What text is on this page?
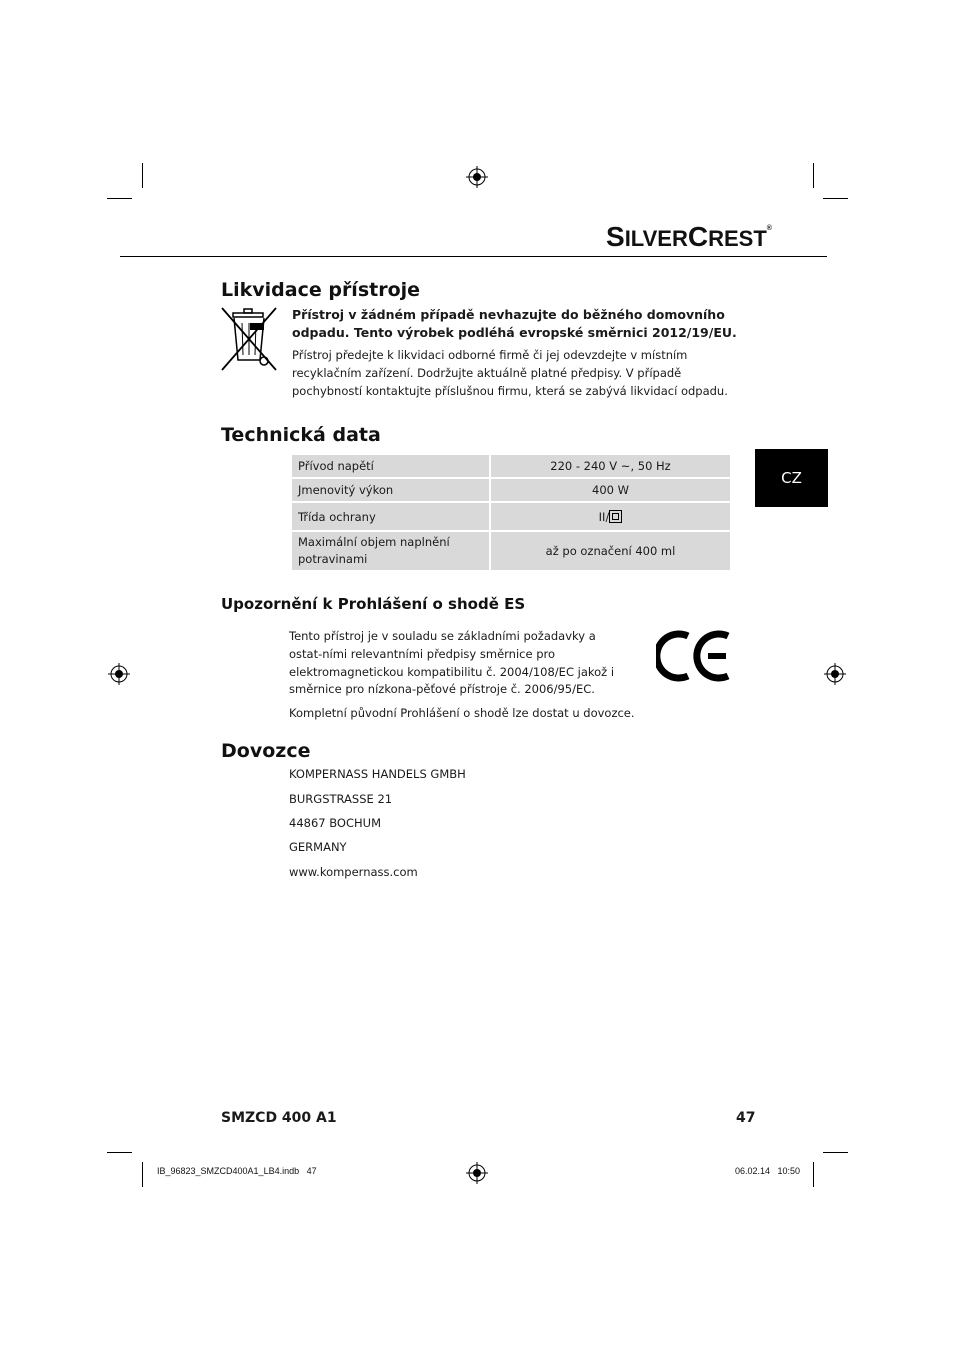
SILVERCREST®
Likvidace přístroje
Přístroj v žádném případě nevhazujte do běžného domovního odpadu. Tento výrobek podléhá evropské směrnici 2012/19/EU.
Přístroj předejte k likvidaci odborné firmě či jej odevzdejte v místním recyklačním zařízení. Dodržujte aktuálně platné předpisy. V případě pochybností kontaktujte příslušnou firmu, která se zabývá likvidací odpadu.
Technická data
Přívod napětí	220 - 240 V ~, 50 Hz
Jmenovitý výkon	400 W
Třída ochrany	II/
Maximální objem naplnění potravinami	až po označení 400 ml
CZ
Upozornění k Prohlášení o shodě ES
Tento přístroj je v souladu se základními požadavky a ostat-ními relevantními předpisy směrnice pro elektromagnetickou kompatibilitu č. 2004/108/EC jakož i směrnice pro nízkona-pěťové přístroje č. 2006/95/EC.
Kompletní původní Prohlášení o shodě lze dostat u dovozce.
Dovozce
KOMPERNASS HANDELS GMBH
BURGSTRASSE 21
44867 BOCHUM
GERMANY
www.kompernass.com
SMZCD 400 A1	47
IB_96823_SMZCD400A1_LB4.indb   47	06.02.14   10:50
